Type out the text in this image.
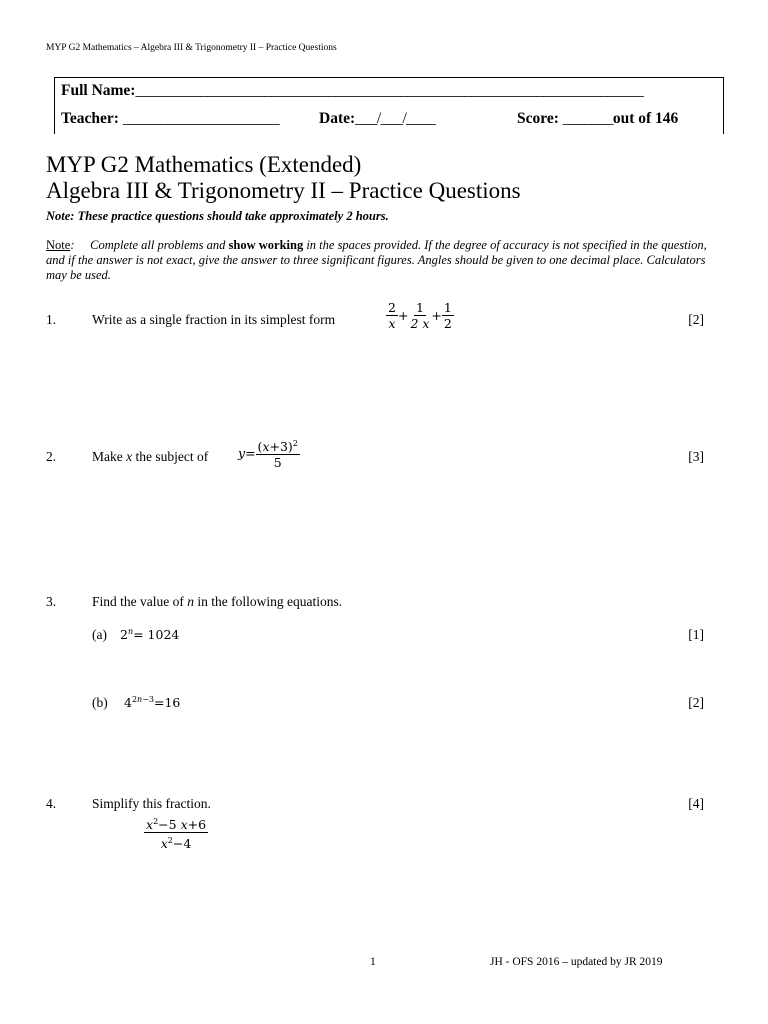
MYP G2 Mathematics – Algebra III & Trigonometry II – Practice Questions
Full Name:_______________________________________________________________________
Teacher: _____________________	Date:___/___/____	Score: _______out of 146
MYP G2 Mathematics (Extended)
Algebra III & Trigonometry II – Practice Questions
Note: These practice questions should take approximately 2 hours.
Note: Complete all problems and show working in the spaces provided. If the degree of accuracy is not specified in the question, and if the answer is not exact, give the answer to three significant figures. Angles should be given to one decimal place. Calculators may be used.
1.	Write as a single fraction in its simplest form	$\frac{2}{x} + \frac{1}{2 x} + \frac{1}{2}$	[2]
2.	Make x the subject of $y= \frac{(x+3)^2}{5}$	[3]
3.	Find the value of n in the following equations.
(a) $2^n= 1024$	[1]
(b) $4^{2n-3}=16$	[2]
4.	Simplify this fraction.
$\frac{x^2-5 x+6}{x^2-4}$
[4]
1	JH - OFS 2016 – updated by JR 2019
